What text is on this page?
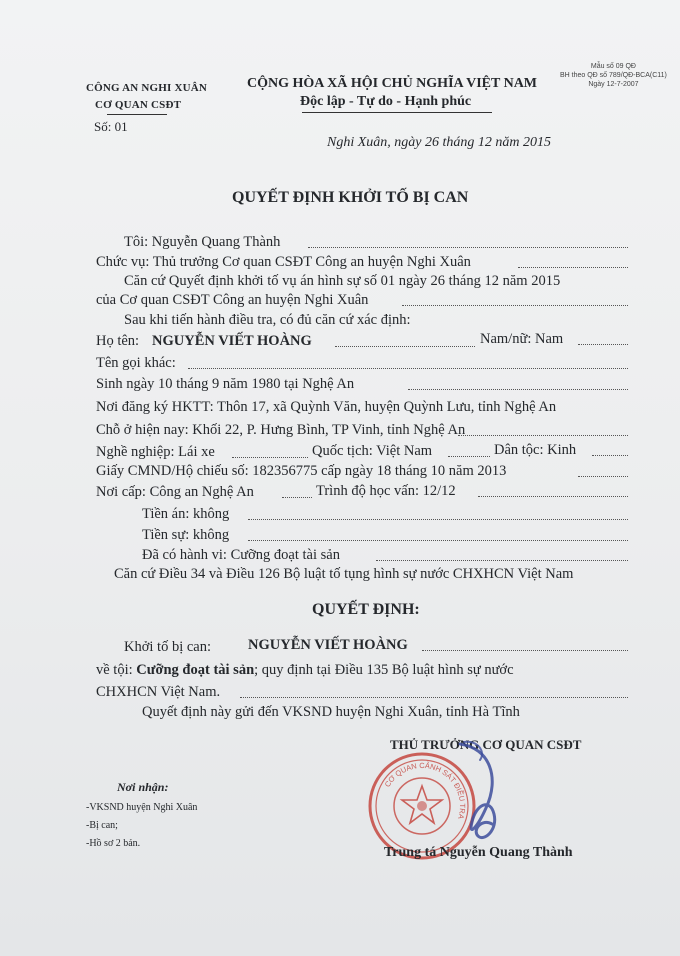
CÔNG AN NGHI XUÂN
CƠ QUAN CSĐT
Số: 01
CỘNG HÒA XÃ HỘI CHỦ NGHĨA VIỆT NAM
Độc lập - Tự do - Hạnh phúc
Mẫu số 09 QĐ
BH theo QĐ số 789/QĐ-BCA(C11)
Ngày 12-7-2007
Nghi Xuân, ngày 26 tháng 12 năm 2015
QUYẾT ĐỊNH KHỞI TỐ BỊ CAN
Tôi: Nguyễn Quang Thành
Chức vụ: Thủ trưởng Cơ quan CSĐT Công an huyện Nghi Xuân
Căn cứ Quyết định khởi tố vụ án hình sự số 01 ngày 26 tháng 12 năm 2015
của Cơ quan CSĐT Công an huyện Nghi Xuân
Sau khi tiến hành điều tra, có đủ căn cứ xác định:
Họ tên: NGUYỄN VIẾT HOÀNG	Nam/nữ: Nam
Tên gọi khác:
Sinh ngày 10 tháng 9 năm 1980 tại Nghệ An
Nơi đăng ký HKTT: Thôn 17, xã Quỳnh Văn, huyện Quỳnh Lưu, tỉnh Nghệ An
Chỗ ở hiện nay: Khối 22, P. Hưng Bình, TP Vinh, tỉnh Nghệ An
Nghề nghiệp: Lái xe	Quốc tịch: Việt Nam	Dân tộc: Kinh
Giấy CMND/Hộ chiếu số: 182356775 cấp ngày 18 tháng 10 năm 2013
Nơi cấp: Công an Nghệ An	Trình độ học vấn: 12/12
Tiền án: không
Tiền sự: không
Đã có hành vi: Cưỡng đoạt tài sản
Căn cứ Điều 34 và Điều 126 Bộ luật tố tụng hình sự nước CHXHCN Việt Nam
QUYẾT ĐỊNH:
Khởi tố bị can:	NGUYỄN VIẾT HOÀNG
về tội: Cưỡng đoạt tài sản; quy định tại Điều 135 Bộ luật hình sự nước
CHXHCN Việt Nam.
Quyết định này gửi đến VKSND huyện Nghi Xuân, tỉnh Hà Tĩnh
Nơi nhận:
-VKSND huyện Nghi Xuân
-Bị can;
-Hồ sơ 2 bản.
CƠ QUAN CẢNH SÁT ĐIỀU TRA
THỦ TRƯỞNG CƠ QUAN CSĐT
Trung tá Nguyễn Quang Thành
